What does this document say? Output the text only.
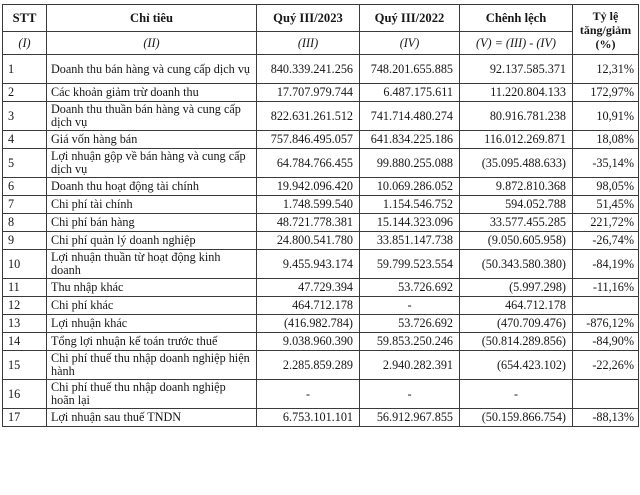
STT	Chỉ tiêu	Quý III/2023	Quý III/2022	Chênh lệch	Tỷ lệ tăng/giảm (%)
(I)	(II)	(III)	(IV)	(V) = (III) - (IV)	
1	Doanh thu bán hàng và cung cấp dịch vụ	840.339.241.256	748.201.655.885	92.137.585.371	12,31%
2	Các khoản giảm trừ doanh thu	17.707.979.744	6.487.175.611	11.220.804.133	172,97%
3	Doanh thu thuần bán hàng và cung cấp dịch vụ	822.631.261.512	741.714.480.274	80.916.781.238	10,91%
4	Giá vốn hàng bán	757.846.495.057	641.834.225.186	116.012.269.871	18,08%
5	Lợi nhuận gộp về bán hàng và cung cấp dịch vụ	64.784.766.455	99.880.255.088	(35.095.488.633)	-35,14%
6	Doanh thu hoạt động tài chính	19.942.096.420	10.069.286.052	9.872.810.368	98,05%
7	Chi phí tài chính	1.748.599.540	1.154.546.752	594.052.788	51,45%
8	Chi phí bán hàng	48.721.778.381	15.144.323.096	33.577.455.285	221,72%
9	Chi phí quản lý doanh nghiệp	24.800.541.780	33.851.147.738	(9.050.605.958)	-26,74%
10	Lợi nhuận thuần từ hoạt động kinh doanh	9.455.943.174	59.799.523.554	(50.343.580.380)	-84,19%
11	Thu nhập khác	47.729.394	53.726.692	(5.997.298)	-11,16%
12	Chi phí khác	464.712.178	-	464.712.178	
13	Lợi nhuận khác	(416.982.784)	53.726.692	(470.709.476)	-876,12%
14	Tổng lợi nhuận kế toán trước thuế	9.038.960.390	59.853.250.246	(50.814.289.856)	-84,90%
15	Chi phí thuế thu nhập doanh nghiệp hiện hành	2.285.859.289	2.940.282.391	(654.423.102)	-22,26%
16	Chi phí thuế thu nhập doanh nghiệp hoãn lại	-	-	-	
17	Lợi nhuận sau thuế TNDN	6.753.101.101	56.912.967.855	(50.159.866.754)	-88,13%
